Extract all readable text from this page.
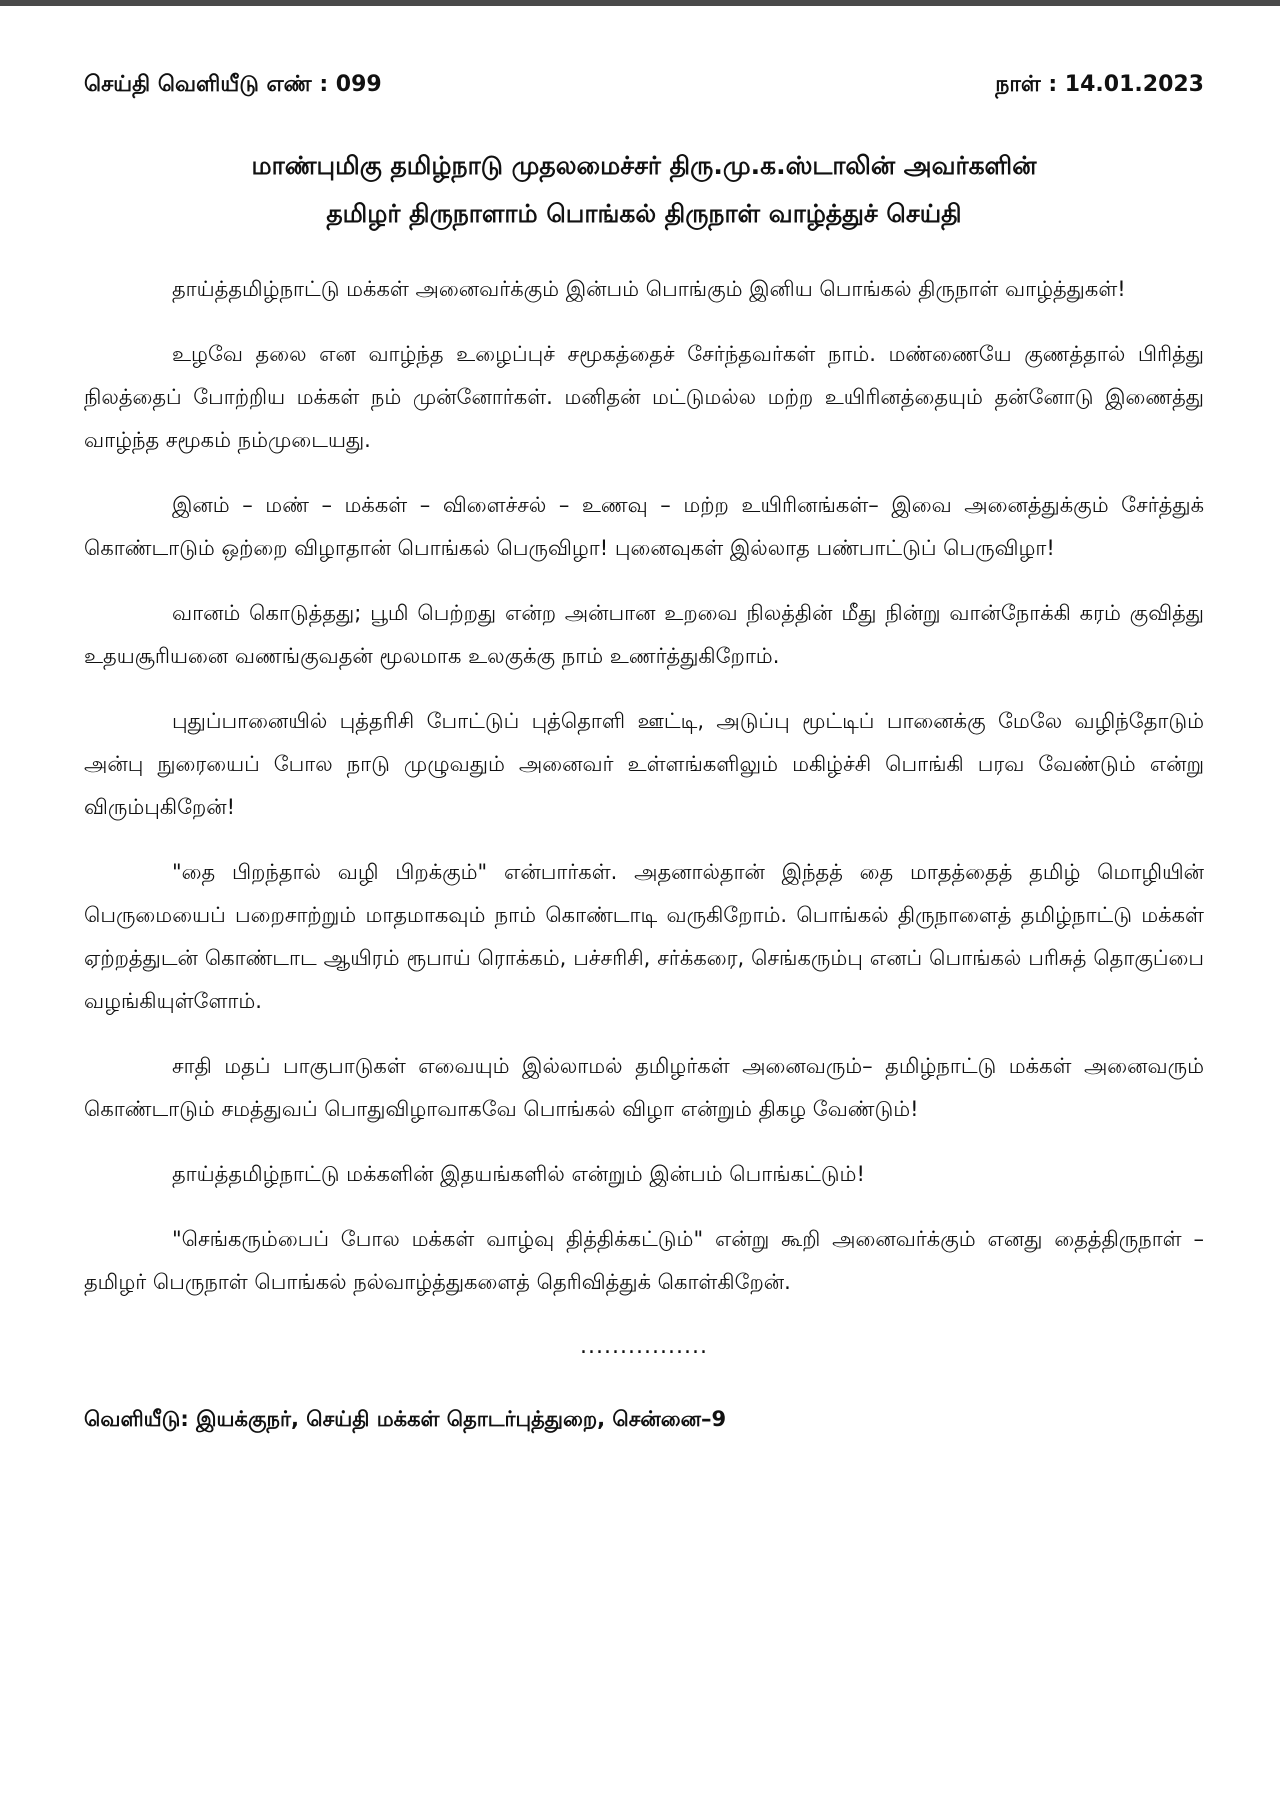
செய்தி வெளியீடு எண் : 099	நாள் : 14.01.2023
மாண்புமிகு தமிழ்நாடு முதலமைச்சர் திரு.மு.க.ஸ்டாலின் அவர்களின்
தமிழர் திருநாளாம் பொங்கல் திருநாள் வாழ்த்துச் செய்தி

தாய்த்தமிழ்நாட்டு மக்கள் அனைவர்க்கும் இன்பம் பொங்கும் இனிய பொங்கல் திருநாள் வாழ்த்துகள்!

உழவே தலை என வாழ்ந்த உழைப்புச் சமூகத்தைச் சேர்ந்தவர்கள் நாம். மண்ணையே குணத்தால் பிரித்து நிலத்தைப் போற்றிய மக்கள் நம் முன்னோர்கள். மனிதன் மட்டுமல்ல மற்ற உயிரினத்தையும் தன்னோடு இணைத்து வாழ்ந்த சமூகம் நம்முடையது.

இனம் – மண் – மக்கள் – விளைச்சல் – உணவு – மற்ற உயிரினங்கள்– இவை அனைத்துக்கும் சேர்த்துக் கொண்டாடும் ஒற்றை விழாதான் பொங்கல் பெருவிழா! புனைவுகள் இல்லாத பண்பாட்டுப் பெருவிழா!

வானம் கொடுத்தது; பூமி பெற்றது என்ற அன்பான உறவை நிலத்தின் மீது நின்று வான்நோக்கி கரம் குவித்து உதயசூரியனை வணங்குவதன் மூலமாக உலகுக்கு நாம் உணர்த்துகிறோம்.

புதுப்பானையில் புத்தரிசி போட்டுப் புத்தொளி ஊட்டி, அடுப்பு மூட்டிப் பானைக்கு மேலே வழிந்தோடும் அன்பு நுரையைப் போல நாடு முழுவதும் அனைவர் உள்ளங்களிலும் மகிழ்ச்சி பொங்கி பரவ வேண்டும் என்று விரும்புகிறேன்!

"தை பிறந்தால் வழி பிறக்கும்" என்பார்கள். அதனால்தான் இந்தத் தை மாதத்தைத் தமிழ் மொழியின் பெருமையைப் பறைசாற்றும் மாதமாகவும் நாம் கொண்டாடி வருகிறோம். பொங்கல் திருநாளைத் தமிழ்நாட்டு மக்கள் ஏற்றத்துடன் கொண்டாட ஆயிரம் ரூபாய் ரொக்கம், பச்சரிசி, சர்க்கரை, செங்கரும்பு எனப் பொங்கல் பரிசுத் தொகுப்பை வழங்கியுள்ளோம்.

சாதி மதப் பாகுபாடுகள் எவையும் இல்லாமல் தமிழர்கள் அனைவரும்– தமிழ்நாட்டு மக்கள் அனைவரும் கொண்டாடும் சமத்துவப் பொதுவிழாவாகவே பொங்கல் விழா என்றும் திகழ வேண்டும்!

தாய்த்தமிழ்நாட்டு மக்களின் இதயங்களில் என்றும் இன்பம் பொங்கட்டும்!

"செங்கரும்பைப் போல மக்கள் வாழ்வு தித்திக்கட்டும்" என்று கூறி அனைவர்க்கும் எனது தைத்திருநாள் – தமிழர் பெருநாள் பொங்கல் நல்வாழ்த்துகளைத் தெரிவித்துக் கொள்கிறேன்.

................
வெளியீடு: இயக்குநர், செய்தி மக்கள் தொடர்புத்துறை, சென்னை–9
